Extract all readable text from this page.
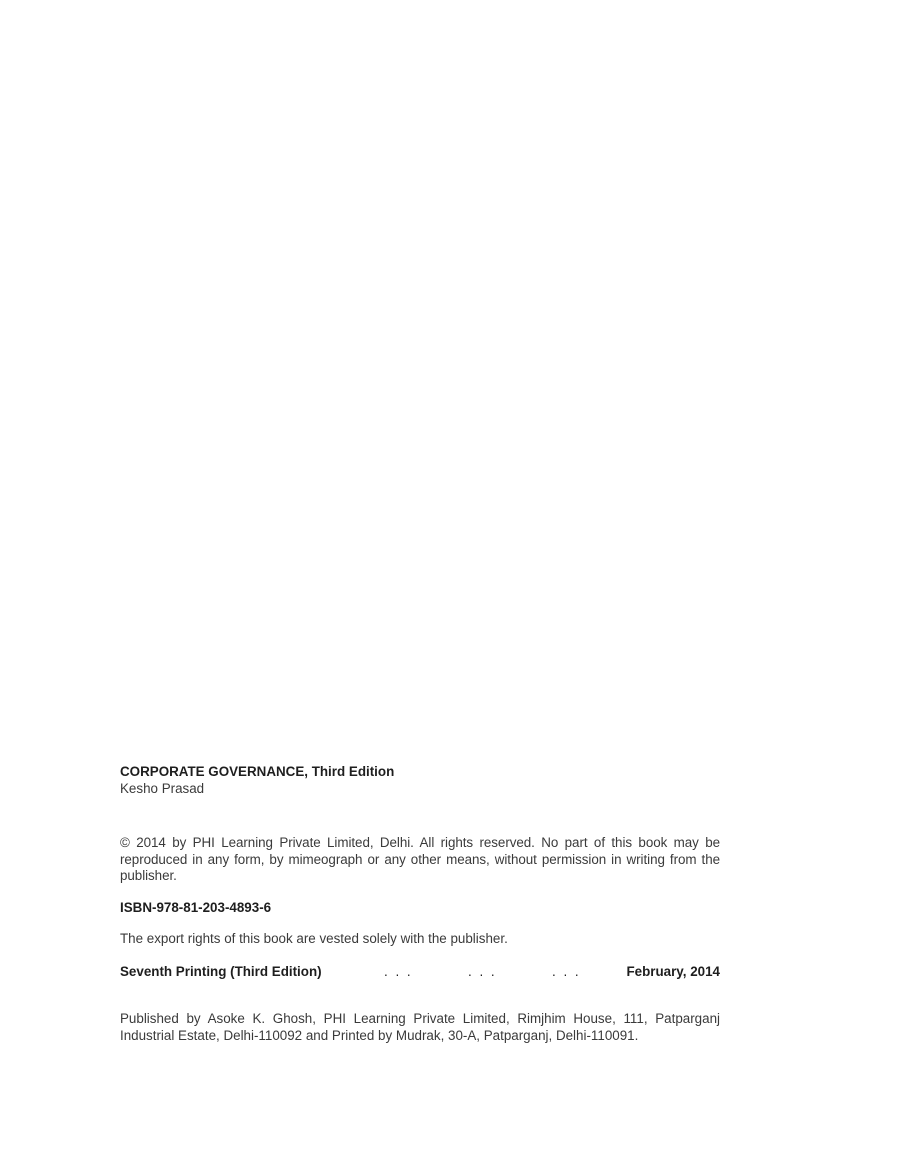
CORPORATE GOVERNANCE, Third Edition

Kesho Prasad

© 2014 by PHI Learning Private Limited, Delhi. All rights reserved. No part of this book may be reproduced in any form, by mimeograph or any other means, without permission in writing from the publisher.

ISBN-978-81-203-4893-6

The export rights of this book are vested solely with the publisher.

Seventh Printing (Third Edition)	. . .	. . .	. . .	February, 2014

Published by Asoke K. Ghosh, PHI Learning Private Limited, Rimjhim House, 111, Patparganj Industrial Estate, Delhi-110092 and Printed by Mudrak, 30-A, Patparganj, Delhi-110091.
